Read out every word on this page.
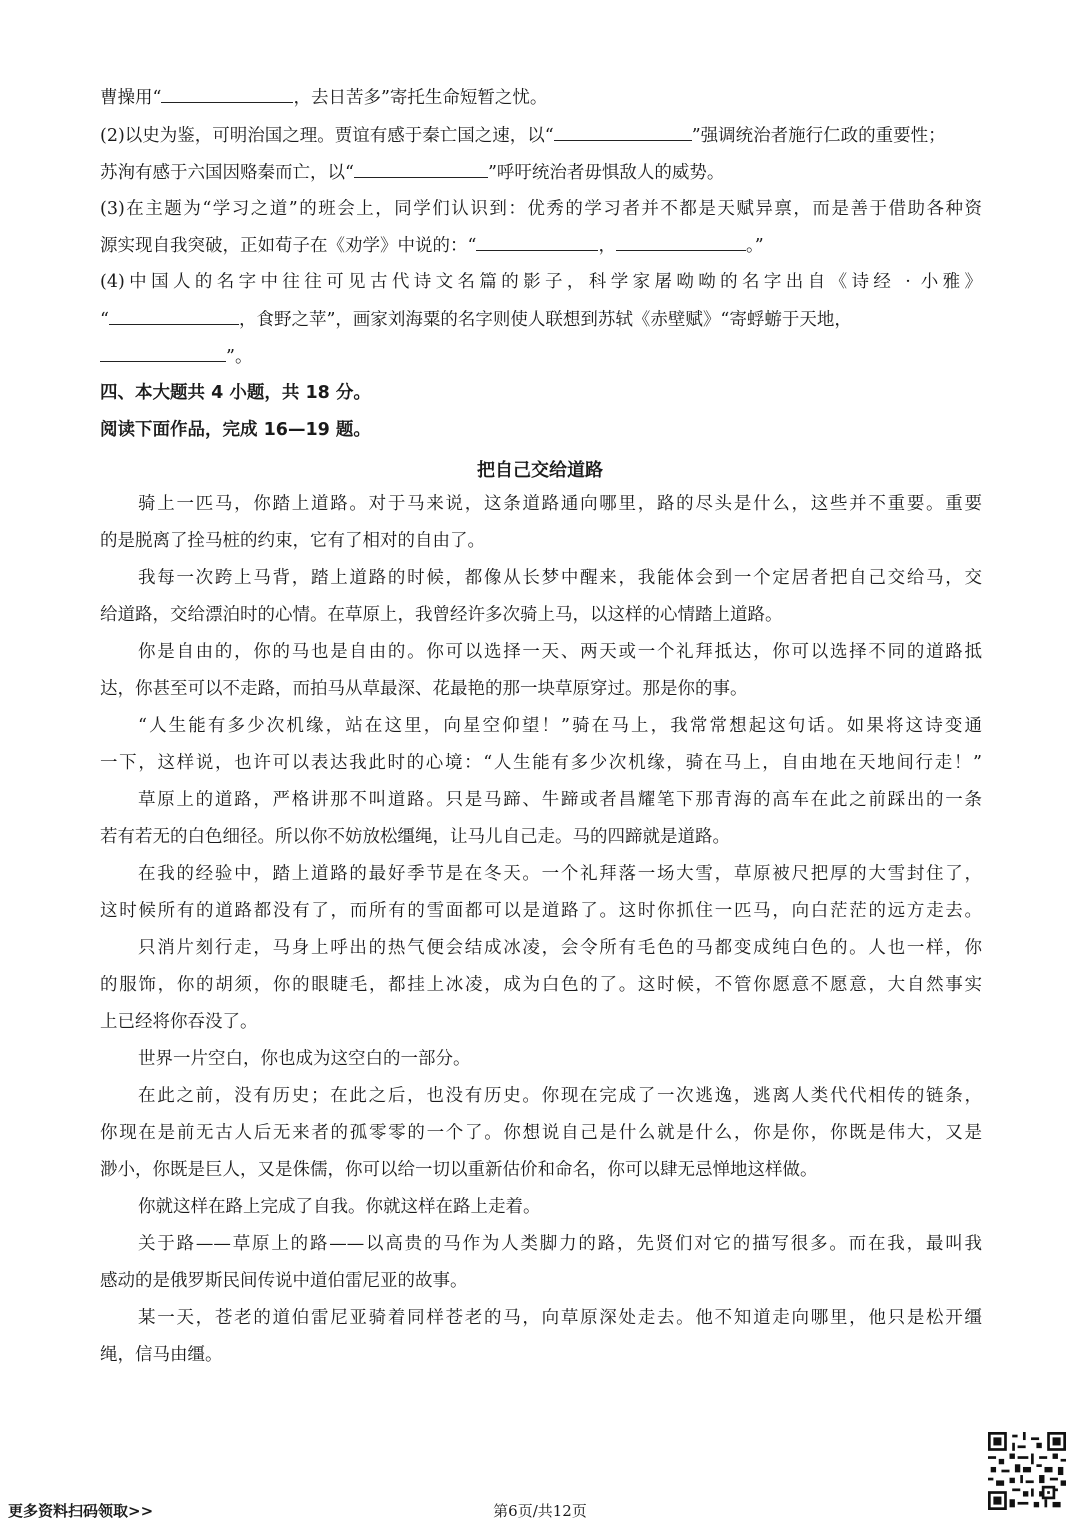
曹操用“	，去日苦多”寄托生命短暂之忧。
(2)以史为鉴，可明治国之理。贾谊有感于秦亡国之速，以“	”强调统治者施行仁政的重要性；
苏洵有感于六国因赂秦而亡，以“	”呼吁统治者毋惧敌人的威势。
(3)在主题为“学习之道”的班会上，同学们认识到：优秀的学习者并不都是天赋异禀，而是善于借助各种资
源实现自我突破，正如荀子在《劝学》中说的：“	，	。”
(4)中国人的名字中往往可见古代诗文名篇的影子，科学家屠呦呦的名字出自《诗经 · 小雅》
“	，食野之苹”，画家刘海粟的名字则使人联想到苏轼《赤壁赋》“寄蜉蝣于天地，
”。
四、本大题共 4 小题，共 18 分。
阅读下面作品，完成 16—19 题。
把自己交给道路
骑上一匹马，你踏上道路。对于马来说，这条道路通向哪里，路的尽头是什么，这些并不重要。重要
的是脱离了拴马桩的约束，它有了相对的自由了。
我每一次跨上马背，踏上道路的时候，都像从长梦中醒来，我能体会到一个定居者把自己交给马，交
给道路，交给漂泊时的心情。在草原上，我曾经许多次骑上马，以这样的心情踏上道路。
你是自由的，你的马也是自由的。你可以选择一天、两天或一个礼拜抵达，你可以选择不同的道路抵
达，你甚至可以不走路，而拍马从草最深、花最艳的那一块草原穿过。那是你的事。
“人生能有多少次机缘，站在这里，向星空仰望！”骑在马上，我常常想起这句话。如果将这诗变通
一下，这样说，也许可以表达我此时的心境：“人生能有多少次机缘，骑在马上，自由地在天地间行走！”
草原上的道路，严格讲那不叫道路。只是马蹄、牛蹄或者昌耀笔下那青海的高车在此之前踩出的一条
若有若无的白色细径。所以你不妨放松缰绳，让马儿自己走。马的四蹄就是道路。
在我的经验中，踏上道路的最好季节是在冬天。一个礼拜落一场大雪，草原被尺把厚的大雪封住了，
这时候所有的道路都没有了，而所有的雪面都可以是道路了。这时你抓住一匹马，向白茫茫的远方走去。
只消片刻行走，马身上呼出的热气便会结成冰凌，会令所有毛色的马都变成纯白色的。人也一样，你
的服饰，你的胡须，你的眼睫毛，都挂上冰凌，成为白色的了。这时候，不管你愿意不愿意，大自然事实
上已经将你吞没了。
世界一片空白，你也成为这空白的一部分。
在此之前，没有历史；在此之后，也没有历史。你现在完成了一次逃逸，逃离人类代代相传的链条，
你现在是前无古人后无来者的孤零零的一个了。你想说自己是什么就是什么，你是你，你既是伟大，又是
渺小，你既是巨人，又是侏儒，你可以给一切以重新估价和命名，你可以肆无忌惮地这样做。
你就这样在路上完成了自我。你就这样在路上走着。
关于路——草原上的路——以高贵的马作为人类脚力的路，先贤们对它的描写很多。而在我，最叫我
感动的是俄罗斯民间传说中道伯雷尼亚的故事。
某一天，苍老的道伯雷尼亚骑着同样苍老的马，向草原深处走去。他不知道走向哪里，他只是松开缰
绳，信马由缰。
更多资料扫码领取>>	第6页/共12页
